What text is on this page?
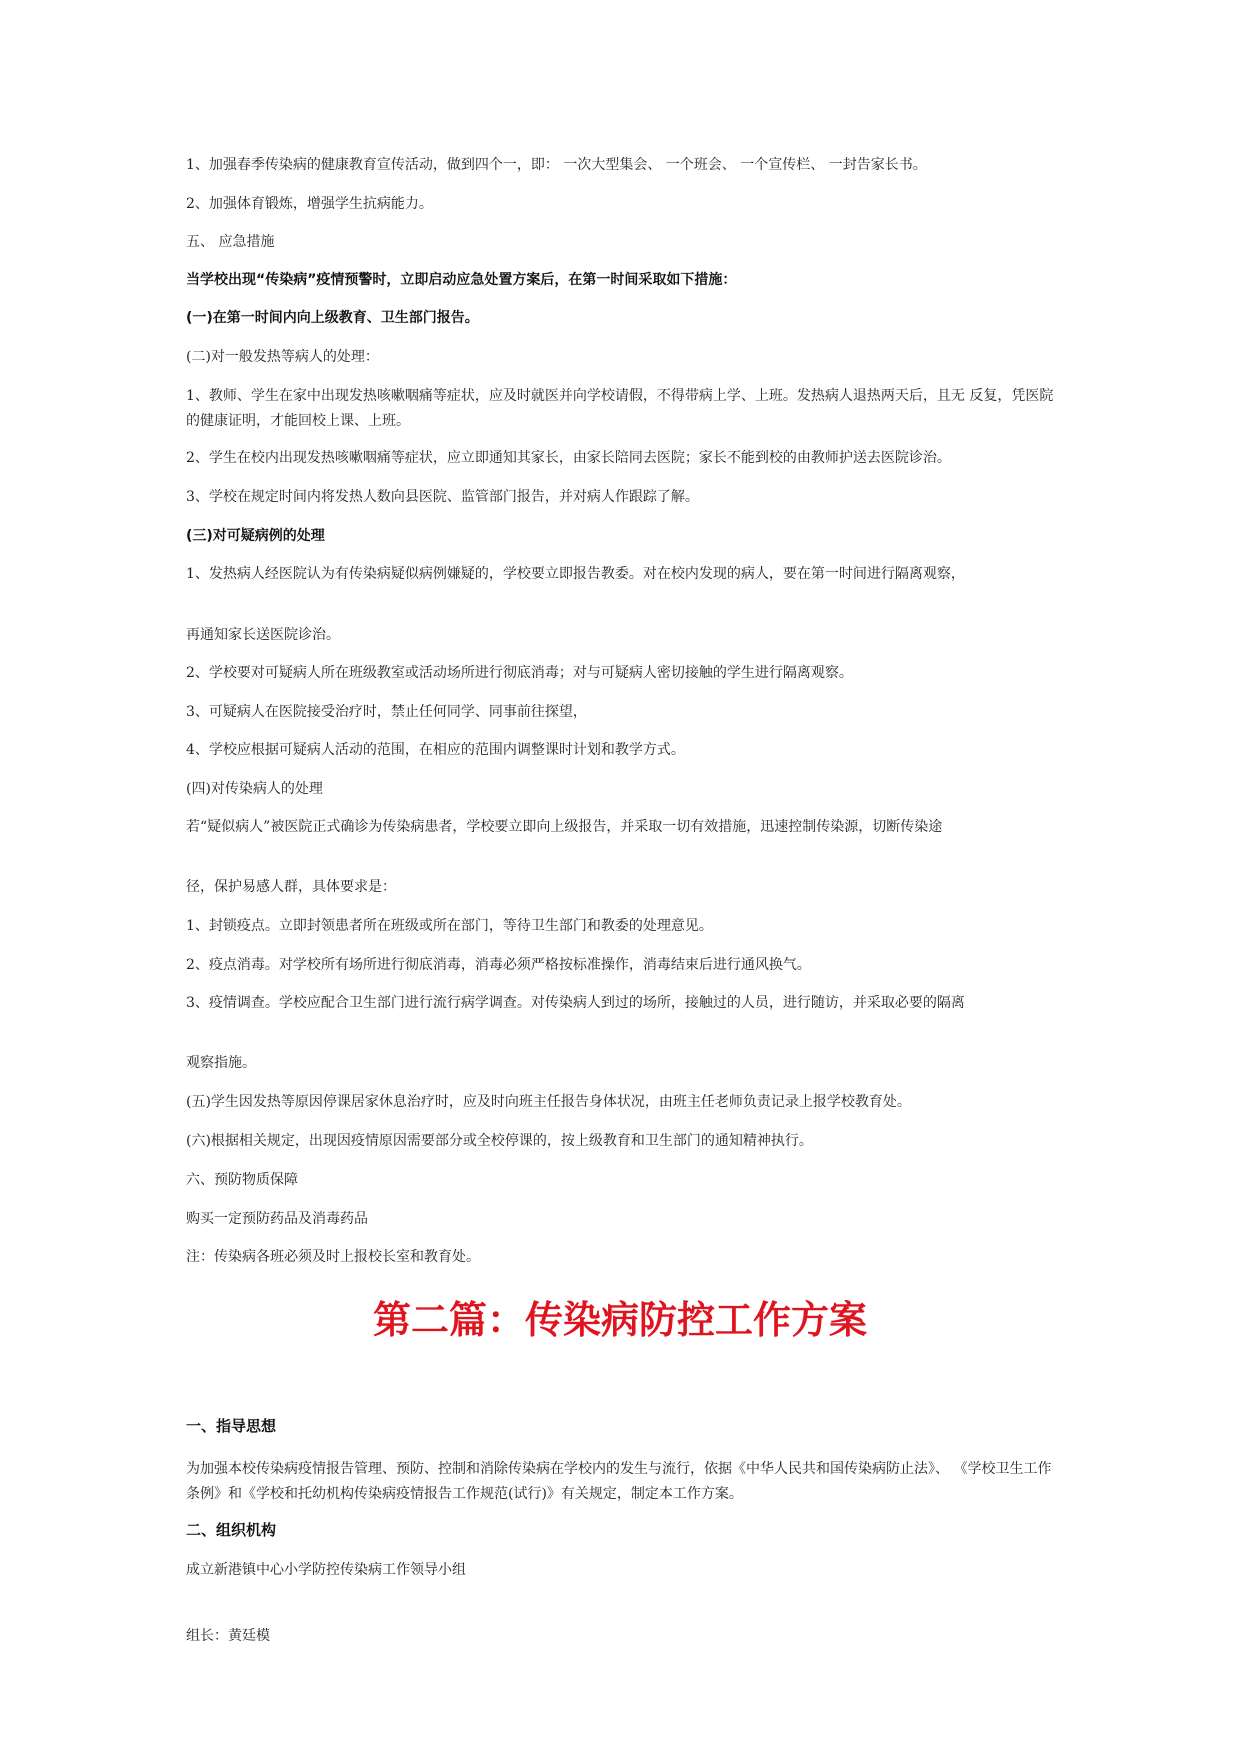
1、加强春季传染病的健康教育宣传活动，做到四个一，即： 一次大型集会、 一个班会、 一个宣传栏、 一封告家长书。

2、加强体育锻炼，增强学生抗病能力。

五、 应急措施

当学校出现“传染病”疫情预警时，立即启动应急处置方案后，在第一时间采取如下措施：

(一)在第一时间内向上级教育、卫生部门报告。

(二)对一般发热等病人的处理：

1、教师、学生在家中出现发热咳嗽咽痛等症状，应及时就医并向学校请假，不得带病上学、上班。发热病人退热两天后，且无 反复，凭医院的健康证明，才能回校上课、上班。

2、学生在校内出现发热咳嗽咽痛等症状，应立即通知其家长，由家长陪同去医院；家长不能到校的由教师护送去医院诊治。

3、学校在规定时间内将发热人数向县医院、监管部门报告，并对病人作跟踪了解。

(三)对可疑病例的处理

1、发热病人经医院认为有传染病疑似病例嫌疑的，学校要立即报告教委。对在校内发现的病人，要在第一时间进行隔离观察，

再通知家长送医院诊治。

2、学校要对可疑病人所在班级教室或活动场所进行彻底消毒；对与可疑病人密切接触的学生进行隔离观察。

3、可疑病人在医院接受治疗时，禁止任何同学、同事前往探望，

4、学校应根据可疑病人活动的范围，在相应的范围内调整课时计划和教学方式。

(四)对传染病人的处理

若“疑似病人”被医院正式确诊为传染病患者，学校要立即向上级报告，并采取一切有效措施，迅速控制传染源，切断传染途

径，保护易感人群，具体要求是：

1、封锁疫点。立即封领患者所在班级或所在部门，等待卫生部门和教委的处理意见。

2、疫点消毒。对学校所有场所进行彻底消毒，消毒必须严格按标准操作，消毒结束后进行通风换气。

3、疫情调查。学校应配合卫生部门进行流行病学调查。对传染病人到过的场所，接触过的人员，进行随访，并采取必要的隔离

观察指施。

(五)学生因发热等原因停课居家休息治疗时，应及时向班主任报告身体状况，由班主任老师负责记录上报学校教育处。

(六)根据相关规定，出现因疫情原因需要部分或全校停课的，按上级教育和卫生部门的通知精神执行。

六、预防物质保障

购买一定预防药品及消毒药品

注：传染病各班必须及时上报校长室和教育处。

第二篇：传染病防控工作方案

一、指导思想

为加强本校传染病疫情报告管理、预防、控制和消除传染病在学校内的发生与流行，依据《中华人民共和国传染病防止法》、 《学校卫生工作条例》和《学校和托幼机构传染病疫情报告工作规范(试行)》有关规定，制定本工作方案。

二、组织机构

成立新港镇中心小学防控传染病工作领导小组

组长：黄廷模
